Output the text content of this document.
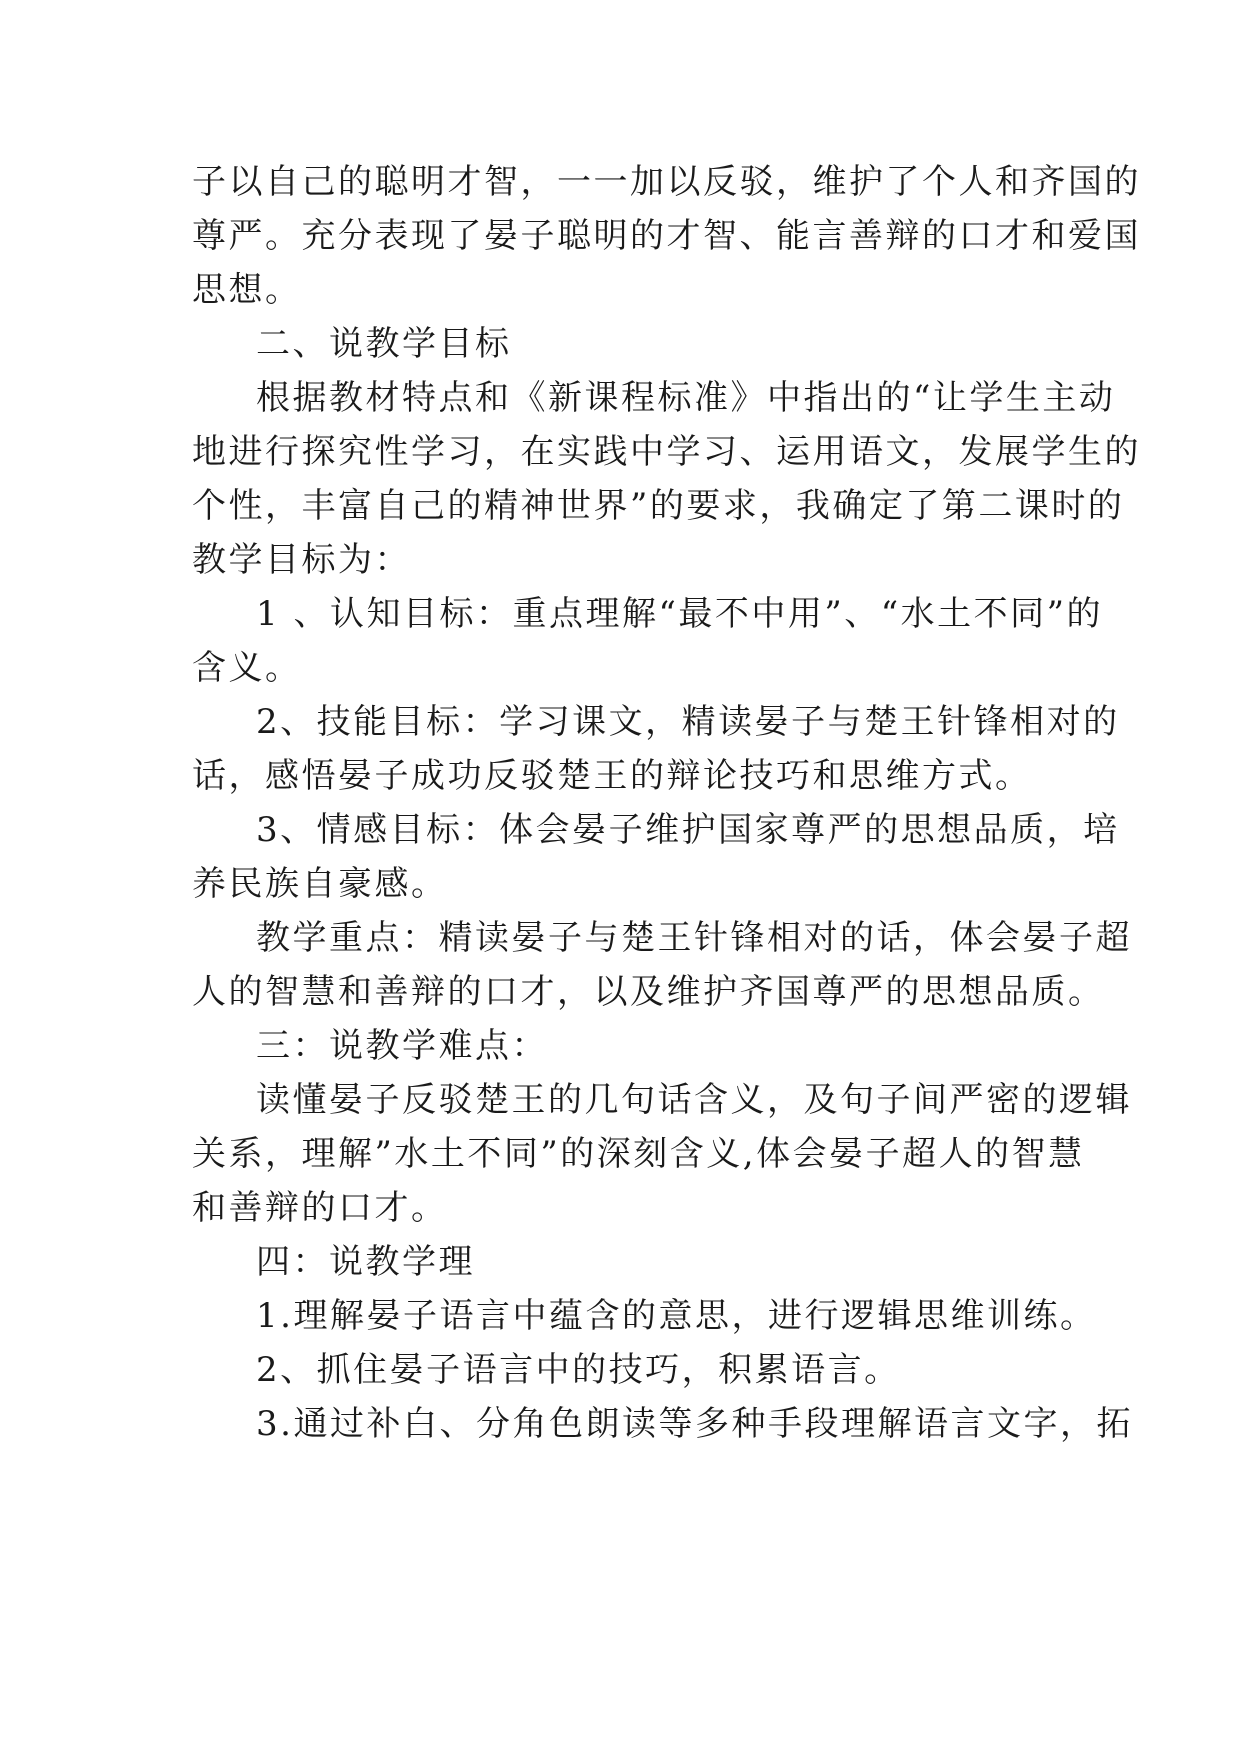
子以自己的聪明才智，一一加以反驳，维护了个人和齐国的
尊严。充分表现了晏子聪明的才智、能言善辩的口才和爱国
思想。
二、说教学目标
根据教材特点和《新课程标准》中指出的“让学生主动
地进行探究性学习，在实践中学习、运用语文，发展学生的
个性，丰富自己的精神世界”的要求，我确定了第二课时的
教学目标为：
1 、认知目标：重点理解“最不中用”、“水土不同”的
含义。
2、技能目标：学习课文，精读晏子与楚王针锋相对的
话，感悟晏子成功反驳楚王的辩论技巧和思维方式。
3、情感目标：体会晏子维护国家尊严的思想品质，培
养民族自豪感。
教学重点：精读晏子与楚王针锋相对的话，体会晏子超
人的智慧和善辩的口才，以及维护齐国尊严的思想品质。
三：说教学难点：
读懂晏子反驳楚王的几句话含义，及句子间严密的逻辑
关系，理解”水土不同”的深刻含义,体会晏子超人的智慧
和善辩的口才。
四：说教学理
1.理解晏子语言中蕴含的意思，进行逻辑思维训练。
2、抓住晏子语言中的技巧，积累语言。
3.通过补白、分角色朗读等多种手段理解语言文字，拓
